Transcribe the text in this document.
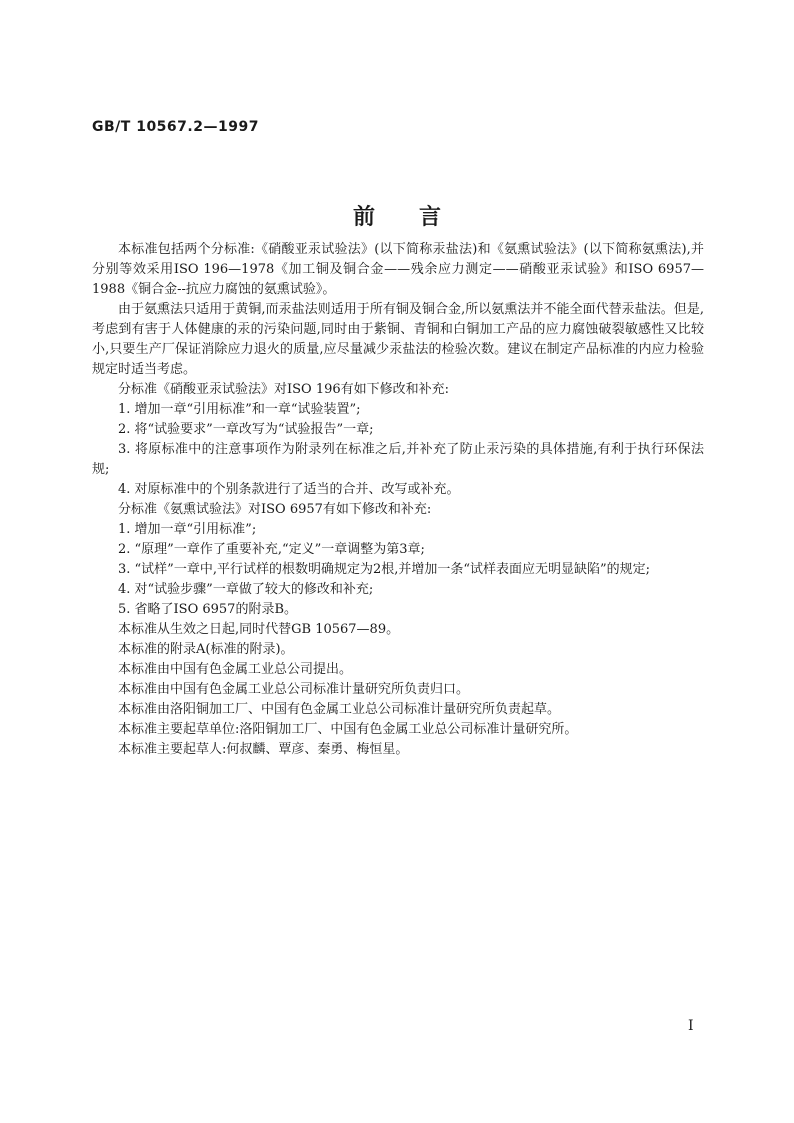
GB/T 10567.2—1997
前言

本标准包括两个分标准:《硝酸亚汞试验法》(以下简称汞盐法)和《氨熏试验法》(以下简称氨熏法),并分别等效采用ISO 196—1978《加工铜及铜合金——残余应力测定——硝酸亚汞试验》和ISO 6957—1988《铜合金--抗应力腐蚀的氨熏试验》。

由于氨熏法只适用于黄铜,而汞盐法则适用于所有铜及铜合金,所以氨熏法并不能全面代替汞盐法。但是,考虑到有害于人体健康的汞的污染问题,同时由于紫铜、青铜和白铜加工产品的应力腐蚀破裂敏感性又比较小,只要生产厂保证消除应力退火的质量,应尽量减少汞盐法的检验次数。建议在制定产品标准的内应力检验规定时适当考虑。

分标准《硝酸亚汞试验法》对ISO 196有如下修改和补充:

1. 增加一章“引用标准”和一章“试验装置”;

2. 将“试验要求”一章改写为“试验报告”一章;

3. 将原标准中的注意事项作为附录列在标准之后,并补充了防止汞污染的具体措施,有利于执行环保法规;

4. 对原标准中的个别条款进行了适当的合并、改写或补充。

分标准《氨熏试验法》对ISO 6957有如下修改和补充:

1. 增加一章“引用标准”;

2. “原理”一章作了重要补充,“定义”一章调整为第3章;

3. “试样”一章中,平行试样的根数明确规定为2根,并增加一条“试样表面应无明显缺陷”的规定;

4. 对“试验步骤”一章做了较大的修改和补充;

5. 省略了ISO 6957的附录B。

本标准从生效之日起,同时代替GB 10567—89。

本标准的附录A(标准的附录)。

本标准由中国有色金属工业总公司提出。

本标准由中国有色金属工业总公司标准计量研究所负责归口。

本标准由洛阳铜加工厂、中国有色金属工业总公司标准计量研究所负责起草。

本标准主要起草单位:洛阳铜加工厂、中国有色金属工业总公司标准计量研究所。

本标准主要起草人:何叔麟、覃彦、秦勇、梅恒星。

I
